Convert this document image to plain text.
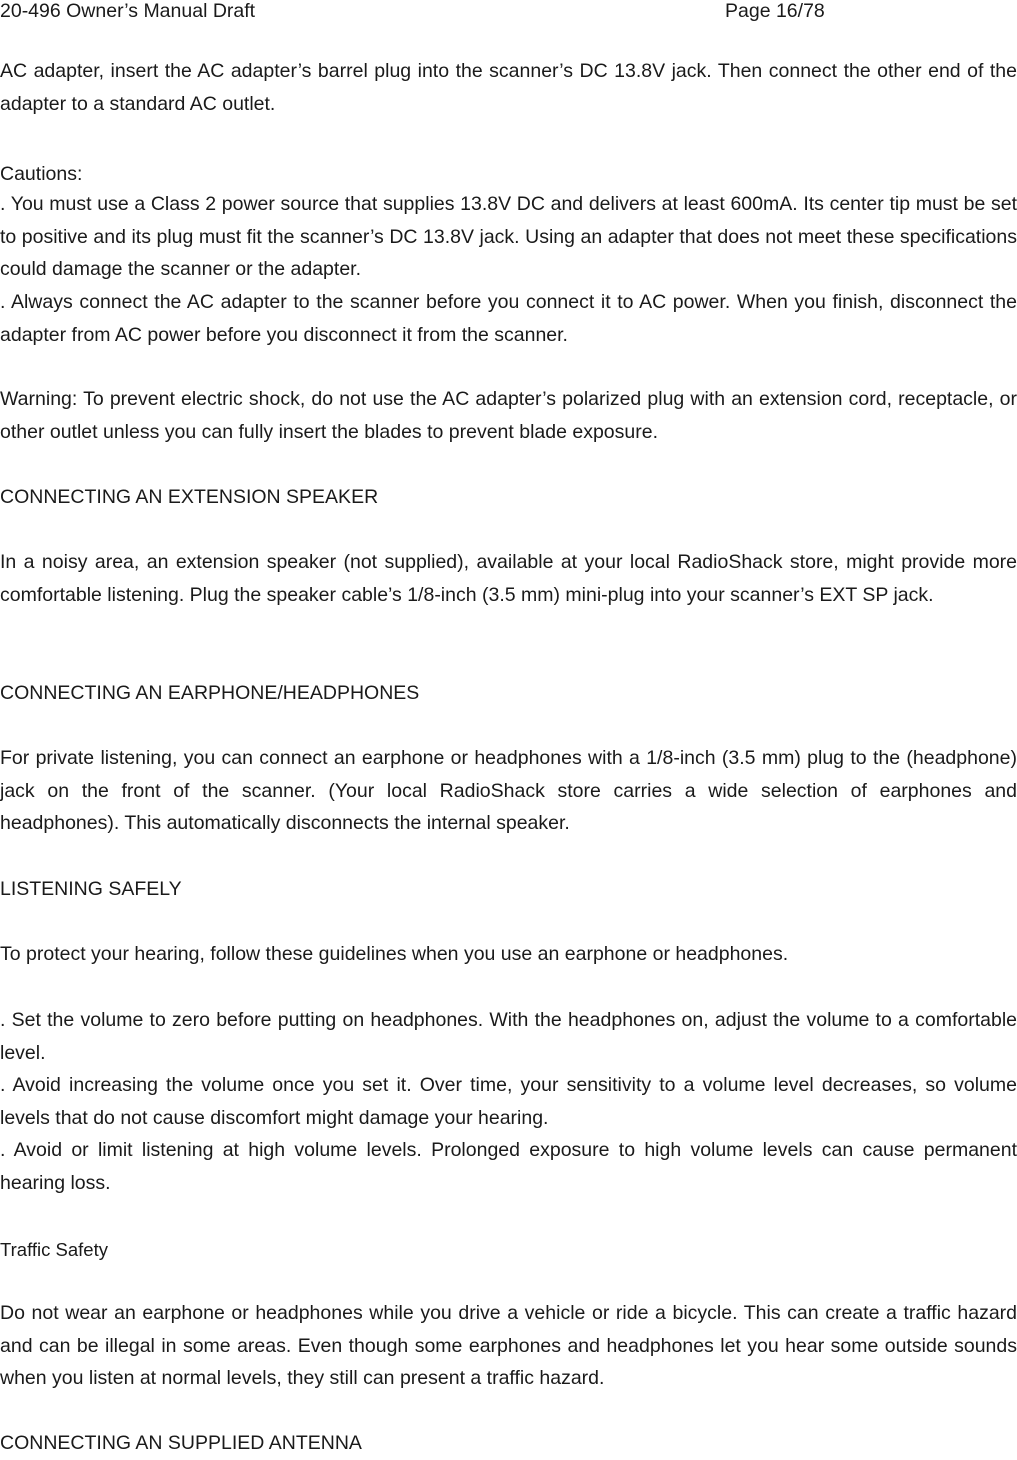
20-496 Owner’s Manual Draft	Page 16/78

AC adapter, insert the AC adapter’s barrel plug into the scanner’s DC 13.8V jack. Then connect the other end of the adapter to a standard AC outlet.

Cautions:

. You must use a Class 2 power source that supplies 13.8V DC and delivers at least 600mA. Its center tip must be set to positive and its plug must fit the scanner’s DC 13.8V jack. Using an adapter that does not meet these specifications could damage the scanner or the adapter.

. Always connect the AC adapter to the scanner before you connect it to AC power. When you finish, disconnect the adapter from AC power before you disconnect it from the scanner.

Warning: To prevent electric shock, do not use the AC adapter’s polarized plug with an extension cord, receptacle, or other outlet unless you can fully insert the blades to prevent blade exposure.

CONNECTING AN EXTENSION SPEAKER

In a noisy area, an extension speaker (not supplied), available at your local RadioShack store, might provide more comfortable listening. Plug the speaker cable’s 1/8-inch (3.5 mm) mini-plug into your scanner’s EXT SP jack.

CONNECTING AN EARPHONE/HEADPHONES

For private listening, you can connect an earphone or headphones with a 1/8-inch (3.5 mm) plug to the (headphone) jack on the front of the scanner. (Your local RadioShack store carries a wide selection of earphones and headphones). This automatically disconnects the internal speaker.

LISTENING SAFELY

To protect your hearing, follow these guidelines when you use an earphone or headphones.

. Set the volume to zero before putting on headphones. With the headphones on, adjust the volume to a comfortable level.

. Avoid increasing the volume once you set it. Over time, your sensitivity to a volume level decreases, so volume levels that do not cause discomfort might damage your hearing.

. Avoid or limit listening at high volume levels. Prolonged exposure to high volume levels can cause permanent hearing loss.

Traffic Safety

Do not wear an earphone or headphones while you drive a vehicle or ride a bicycle. This can create a traffic hazard and can be illegal in some areas. Even though some earphones and headphones let you hear some outside sounds when you listen at normal levels, they still can present a traffic hazard.

CONNECTING AN SUPPLIED ANTENNA
